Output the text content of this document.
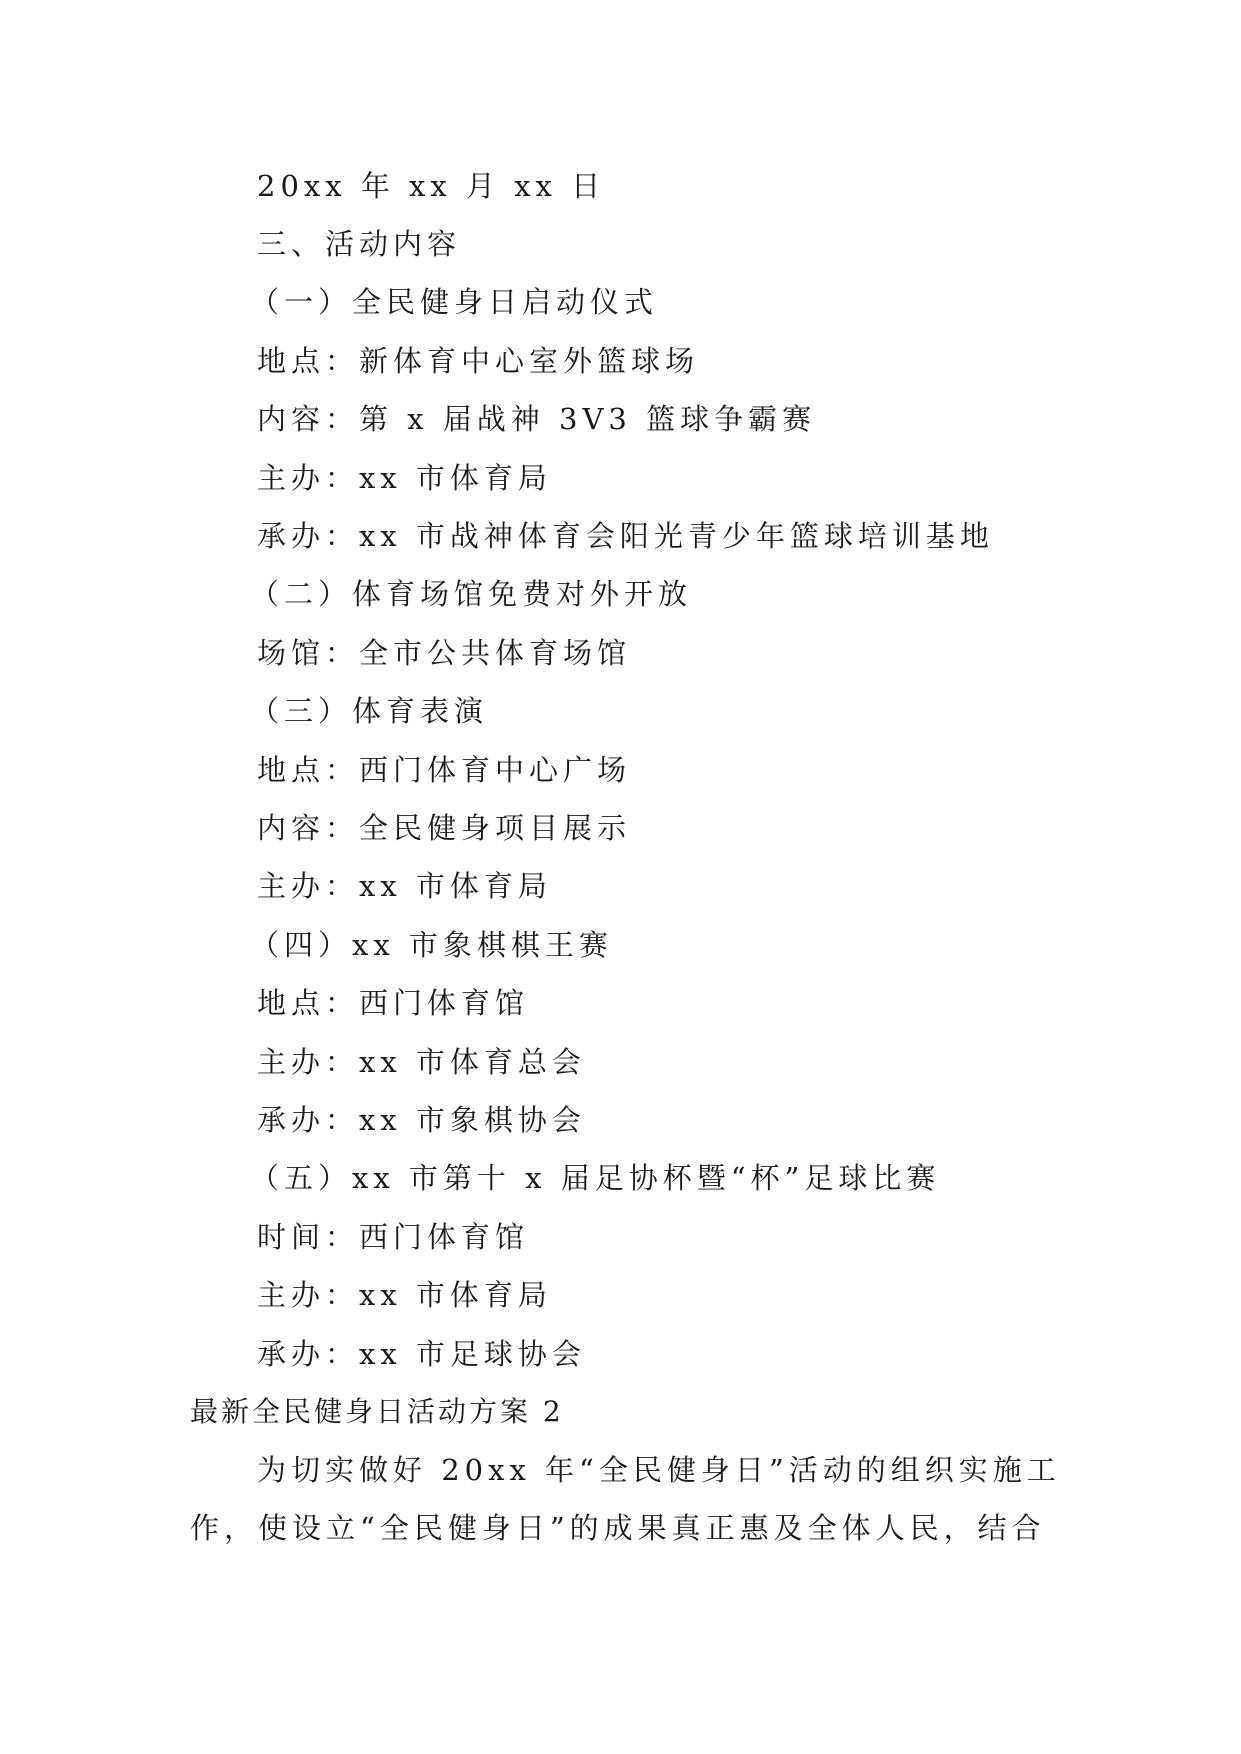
20xx 年 xx 月 xx 日
三、活动内容
（一）全民健身日启动仪式
地点：新体育中心室外篮球场
内容：第 x 届战神 3V3 篮球争霸赛
主办：xx 市体育局
承办：xx 市战神体育会阳光青少年篮球培训基地
（二）体育场馆免费对外开放
场馆：全市公共体育场馆
（三）体育表演
地点：西门体育中心广场
内容：全民健身项目展示
主办：xx 市体育局
（四）xx 市象棋棋王赛
地点：西门体育馆
主办：xx 市体育总会
承办：xx 市象棋协会
（五）xx 市第十 x 届足协杯暨“杯”足球比赛
时间：西门体育馆
主办：xx 市体育局
承办：xx 市足球协会
最新全民健身日活动方案 2
为切实做好 20xx 年“全民健身日”活动的组织实施工
作，使设立“全民健身日”的成果真正惠及全体人民，结合
